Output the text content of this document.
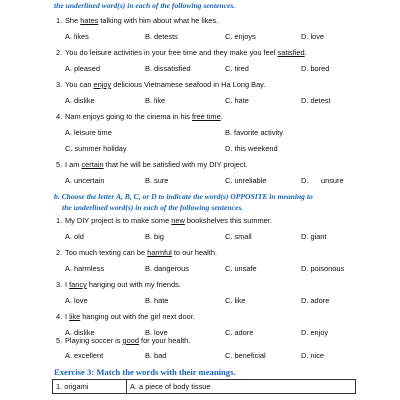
the underlined word(s) in each of the following sentences.
1. She hates talking with him about what he likes.
A. likes	B. detests	C. enjoys	D. love
2. You do leisure activities in your free time and they make you feel satisfied.
A. pleased	B. dissatisfied	C. tired	D. bored
3. You can enjoy delicious Vietnamese seafood in Ha Long Bay.
A. dislike	B. like	C. hate	D. detest
4. Nam enjoys going to the cinema in his free time.
A. leisure time	B. favorite activity
C. summer holiday	D. this weekend
5. I am certain that he will be satisfied with my DIY project.
A. uncertain	B. sure	C. unreliable	D. unsure
b. Choose the letter A, B, C, or D to indicate the word(s) OPPOSITE in meaning to
the underlined word(s) in each of the following sentences.
1. My DIY project is to make some new bookshelves this summer.
A. old	B. big	C. small	D. giant
2. Too much texting can be harmful to our health.
A. harmless	B. dangerous	C. unsafe	D. poisonous
3. I fancy hanging out with my friends.
A. love	B. hate	C. like	D. adore
4. I like hanging out with the girl next door.
A. dislike	B. love	C. adore	D. enjoy
5. Playing soccer is good for your health.
A. excellent	B. bad	C. beneficial	D. nice
Exercise 3: Match the words with their meanings.
1. origami	A. a piece of body tissue
